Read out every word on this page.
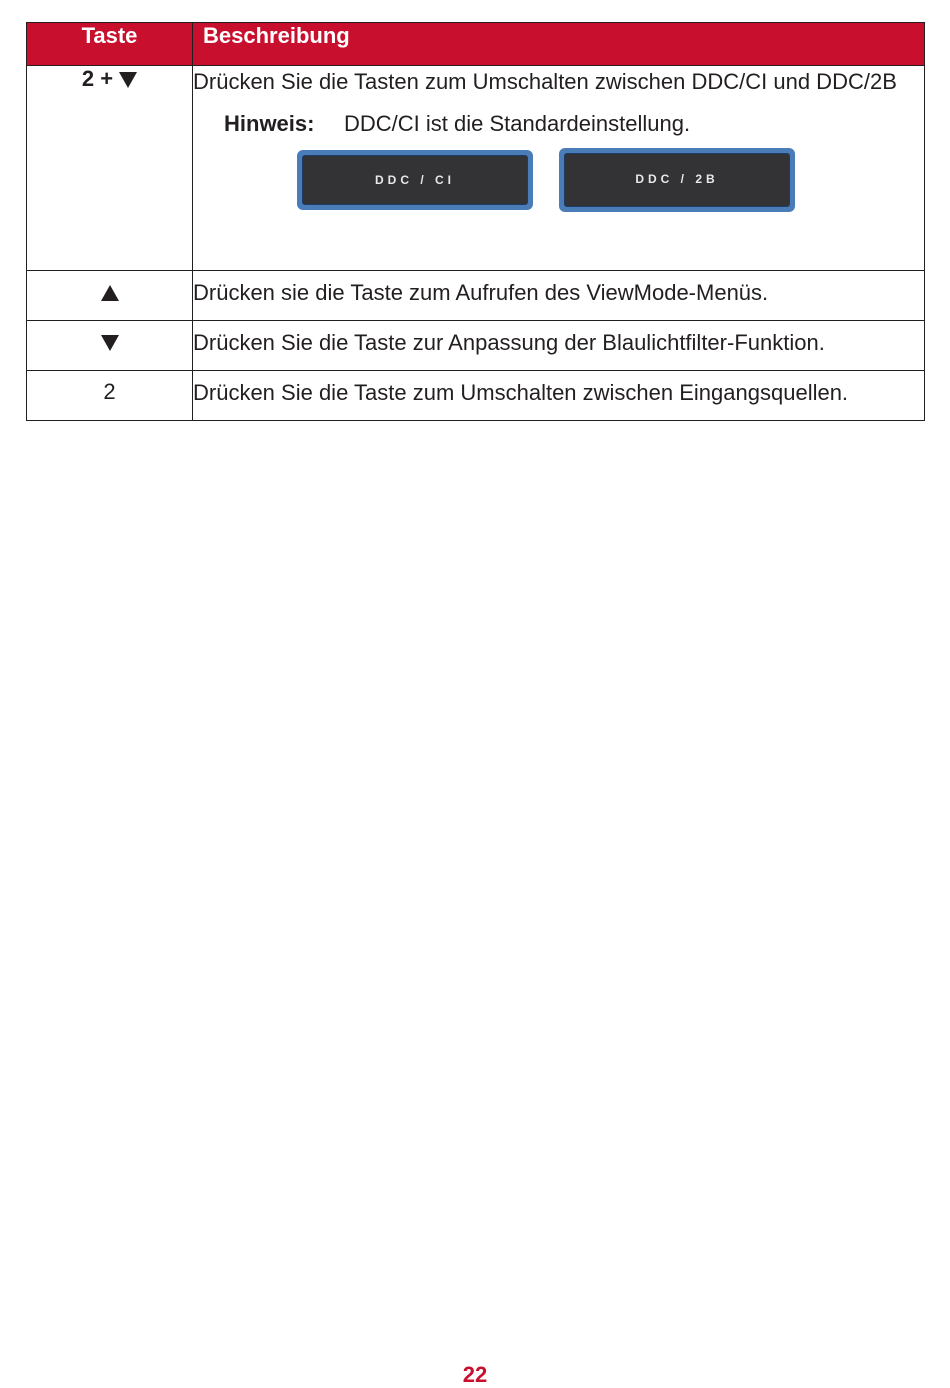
Taste	Beschreibung
2 +	Drücken Sie die Tasten zum Umschalten zwischen DDC/CI und DDC/2B
Hinweis: DDC/CI ist die Standardeinstellung.
DDC / CI DDC / 2B

	Drücken sie die Taste zum Aufrufen des ViewMode-Menüs.
	Drücken Sie die Taste zur Anpassung der Blaulichtfilter-Funktion.
2	Drücken Sie die Taste zum Umschalten zwischen Eingangsquellen.
22
